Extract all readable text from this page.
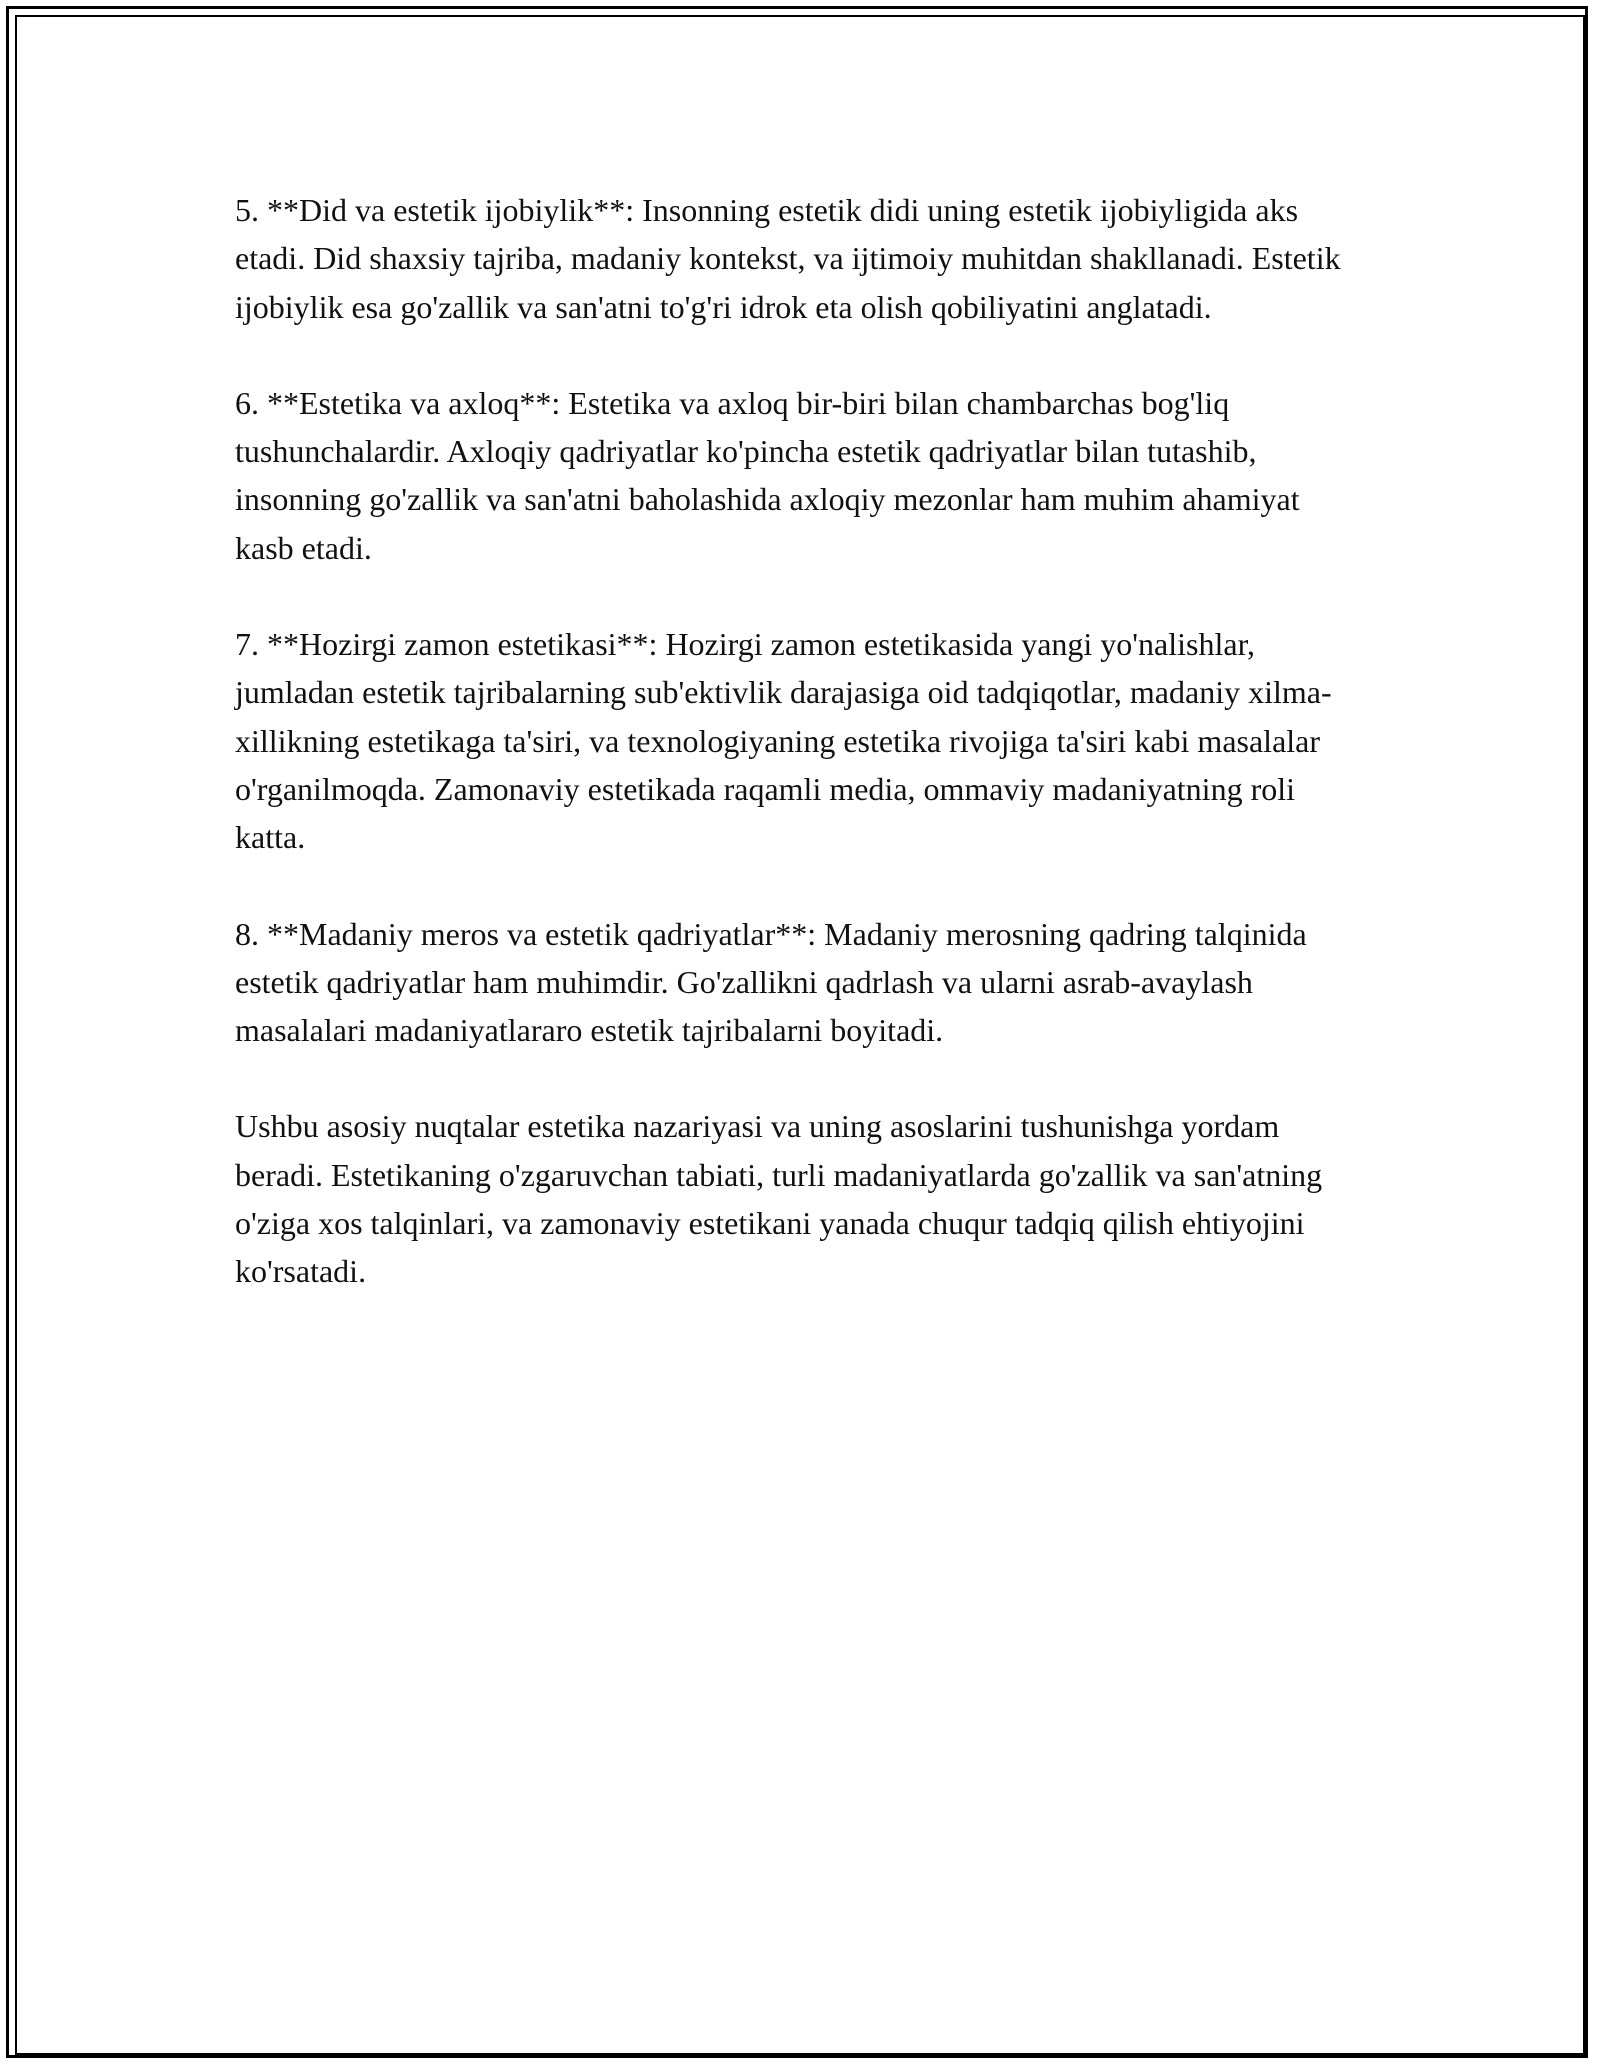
5. **Did va estetik ijobiylik**: Insonning estetik didi uning estetik ijobiyligida aks etadi. Did shaxsiy tajriba, madaniy kontekst, va ijtimoiy muhitdan shakllanadi. Estetik ijobiylik esa go'zallik va san'atni to'g'ri idrok eta olish qobiliyatini anglatadi.

6. **Estetika va axloq**: Estetika va axloq bir-biri bilan chambarchas bog'liq tushunchalardir. Axloqiy qadriyatlar ko'pincha estetik qadriyatlar bilan tutashib, insonning go'zallik va san'atni baholashida axloqiy mezonlar ham muhim ahamiyat kasb etadi.

7. **Hozirgi zamon estetikasi**: Hozirgi zamon estetikasida yangi yo'nalishlar, jumladan estetik tajribalarning sub'ektivlik darajasiga oid tadqiqotlar, madaniy xilma-xillikning estetikaga ta'siri, va texnologiyaning estetika rivojiga ta'siri kabi masalalar o'rganilmoqda. Zamonaviy estetikada raqamli media, ommaviy madaniyatning roli katta.

8. **Madaniy meros va estetik qadriyatlar**: Madaniy merosning qadring talqinida estetik qadriyatlar ham muhimdir. Go'zallikni qadrlash va ularni asrab-avaylash masalalari madaniyatlararo estetik tajribalarni boyitadi.

Ushbu asosiy nuqtalar estetika nazariyasi va uning asoslarini tushunishga yordam beradi. Estetikaning o'zgaruvchan tabiati, turli madaniyatlarda go'zallik va san'atning o'ziga xos talqinlari, va zamonaviy estetikani yanada chuqur tadqiq qilish ehtiyojini ko'rsatadi.
